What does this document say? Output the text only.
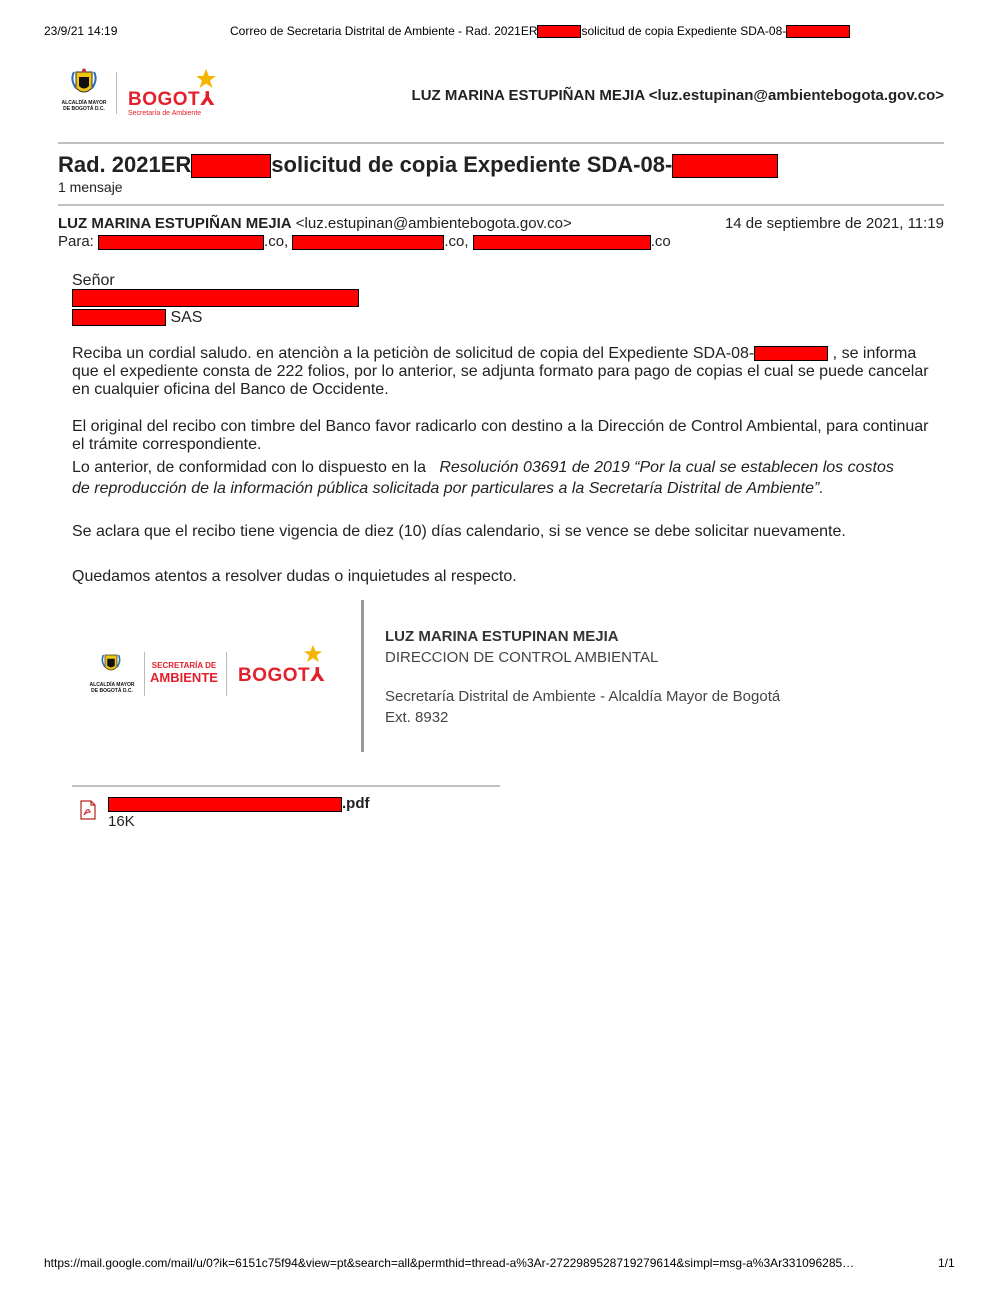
23/9/21 14:19	Correo de Secretaria Distrital de Ambiente - Rad. 2021ER	solicitud de copia Expediente SDA-08-
ALCALDÍA MAYOR
DE BOGOTÁ D.C. BOGOT⅄
Secretaría de Ambiente
LUZ MARINA ESTUPIÑAN MEJIA <luz.estupinan@ambientebogota.gov.co>
Rad. 2021ER	solicitud de copia Expediente SDA-08-
1 mensaje
LUZ MARINA ESTUPIÑAN MEJIA <luz.estupinan@ambientebogota.gov.co>	14 de septiembre de 2021, 11:19
Para:	.co,	.co,	.co
Señor
SAS
Reciba un cordial saludo. en atenciòn a la peticiòn de solicitud de copia del Expediente SDA-08-	, se informa
que el expediente consta de 222 folios, por lo anterior, se adjunta formato para pago de copias el cual se puede cancelar
en cualquier oficina del Banco de Occidente.
El original del recibo con timbre del Banco favor radicarlo con destino a la Dirección de Control Ambiental, para continuar
el trámite correspondiente.
Lo anterior, de conformidad con lo dispuesto en la Resolución 03691 de 2019 “Por la cual se establecen los costos
de reproducción de la información pública solicitada por particulares a la Secretaría Distrital de Ambiente”.
Se aclara que el recibo tiene vigencia de diez (10) días calendario, si se vence se debe solicitar nuevamente.
Quedamos atentos a resolver dudas o inquietudes al respecto.
ALCALDÍA MAYOR
DE BOGOTÁ D.C.
SECRETARÍA DE
AMBIENTE BOGOT⅄
LUZ MARINA ESTUPINAN MEJIA
DIRECCION DE CONTROL AMBIENTAL
Secretaría Distrital de Ambiente - Alcaldía Mayor de Bogotá
Ext. 8932
.pdf
16K
https://mail.google.com/mail/u/0?ik=6151c75f94&view=pt&search=all&permthid=thread-a%3Ar-2722989528719279614&simpl=msg-a%3Ar331096285…	1/1
